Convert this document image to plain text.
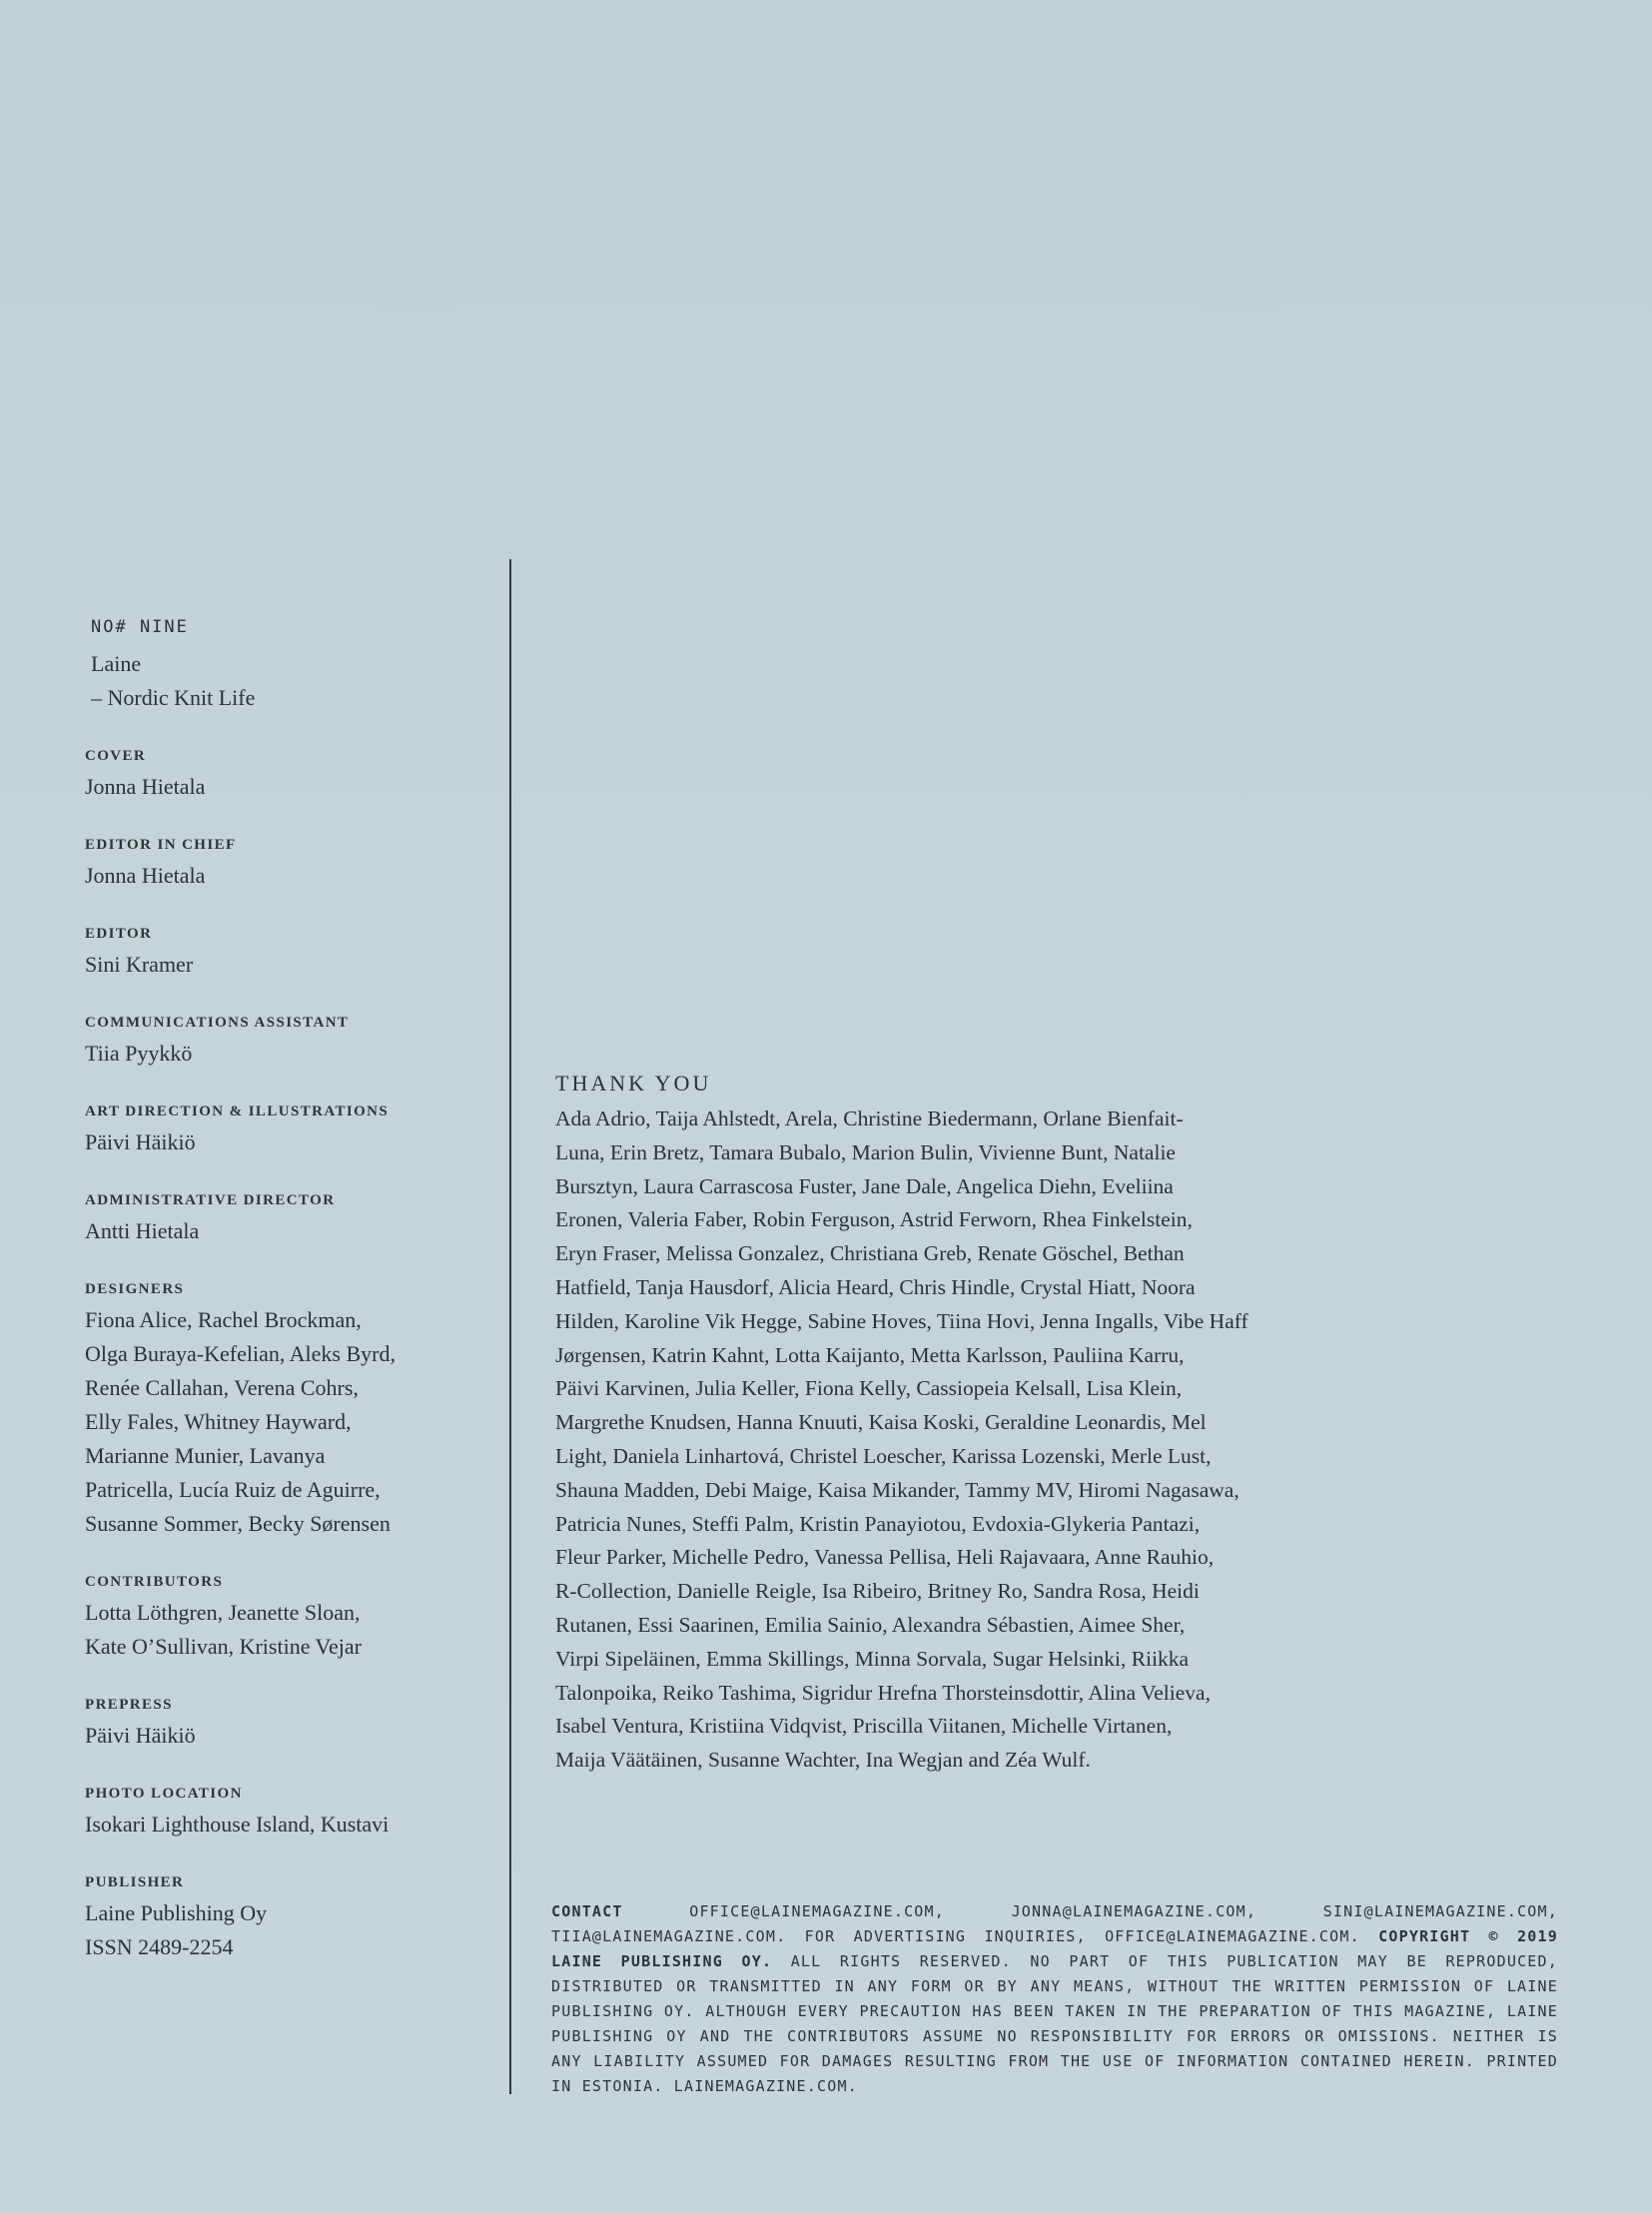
NO# NINE
Laine
– Nordic Knit Life
COVER
Jonna Hietala
EDITOR IN CHIEF
Jonna Hietala
EDITOR
Sini Kramer
COMMUNICATIONS ASSISTANT
Tiia Pyykkö
ART DIRECTION & ILLUSTRATIONS
Päivi Häikiö
ADMINISTRATIVE DIRECTOR
Antti Hietala
DESIGNERS
Fiona Alice, Rachel Brockman,
Olga Buraya-Kefelian, Aleks Byrd,
Renée Callahan, Verena Cohrs,
Elly Fales, Whitney Hayward,
Marianne Munier, Lavanya
Patricella, Lucía Ruiz de Aguirre,
Susanne Sommer, Becky Sørensen
CONTRIBUTORS
Lotta Löthgren, Jeanette Sloan,
Kate O’Sullivan, Kristine Vejar
PREPRESS
Päivi Häikiö
PHOTO LOCATION
Isokari Lighthouse Island, Kustavi
PUBLISHER
Laine Publishing Oy
ISSN 2489-2254
THANK YOU
Ada Adrio, Taija Ahlstedt, Arela, Christine Biedermann, Orlane Bienfait-
Luna, Erin Bretz, Tamara Bubalo, Marion Bulin, Vivienne Bunt, Natalie
Bursztyn, Laura Carrascosa Fuster, Jane Dale, Angelica Diehn, Eveliina
Eronen, Valeria Faber, Robin Ferguson, Astrid Ferworn, Rhea Finkelstein,
Eryn Fraser, Melissa Gonzalez, Christiana Greb, Renate Göschel, Bethan
Hatfield, Tanja Hausdorf, Alicia Heard, Chris Hindle, Crystal Hiatt, Noora
Hilden, Karoline Vik Hegge, Sabine Hoves, Tiina Hovi, Jenna Ingalls, Vibe Haff
Jørgensen, Katrin Kahnt, Lotta Kaijanto, Metta Karlsson, Pauliina Karru,
Päivi Karvinen, Julia Keller, Fiona Kelly, Cassiopeia Kelsall, Lisa Klein,
Margrethe Knudsen, Hanna Knuuti, Kaisa Koski, Geraldine Leonardis, Mel
Light, Daniela Linhartová, Christel Loescher, Karissa Lozenski, Merle Lust,
Shauna Madden, Debi Maige, Kaisa Mikander, Tammy MV, Hiromi Nagasawa,
Patricia Nunes, Steffi Palm, Kristin Panayiotou, Evdoxia-Glykeria Pantazi,
Fleur Parker, Michelle Pedro, Vanessa Pellisa, Heli Rajavaara, Anne Rauhio,
R-Collection, Danielle Reigle, Isa Ribeiro, Britney Ro, Sandra Rosa, Heidi
Rutanen, Essi Saarinen, Emilia Sainio, Alexandra Sébastien, Aimee Sher,
Virpi Sipeläinen, Emma Skillings, Minna Sorvala, Sugar Helsinki, Riikka
Talonpoika, Reiko Tashima, Sigridur Hrefna Thorsteinsdottir, Alina Velieva,
Isabel Ventura, Kristiina Vidqvist, Priscilla Viitanen, Michelle Virtanen,
Maija Väätäinen, Susanne Wachter, Ina Wegjan and Zéa Wulf.
CONTACT	OFFICE@LAINEMAGAZINE.COM, JONNA@LAINEMAGAZINE.COM, SINI@LAINEMAGAZINE.COM, TIIA@LAINEMAGAZINE.COM. FOR ADVERTISING INQUIRIES, OFFICE@LAINEMAGAZINE.COM. COPYRIGHT © 2019 LAINE PUBLISHING OY. ALL RIGHTS RESERVED. NO PART OF THIS PUBLICATION MAY BE REPRODUCED, DISTRIBUTED OR TRANSMITTED IN ANY FORM OR BY ANY MEANS, WITHOUT THE WRITTEN PERMISSION OF LAINE PUBLISHING OY. ALTHOUGH EVERY PRECAUTION HAS BEEN TAKEN IN THE PREPARATION OF THIS MAGAZINE, LAINE PUBLISHING OY AND THE CONTRIBUTORS ASSUME NO RESPONSIBILITY FOR ERRORS OR OMISSIONS. NEITHER IS ANY LIABILITY ASSUMED FOR DAMAGES RESULTING FROM THE USE OF INFORMATION CONTAINED HEREIN. PRINTED IN ESTONIA. LAINEMAGAZINE.COM.
